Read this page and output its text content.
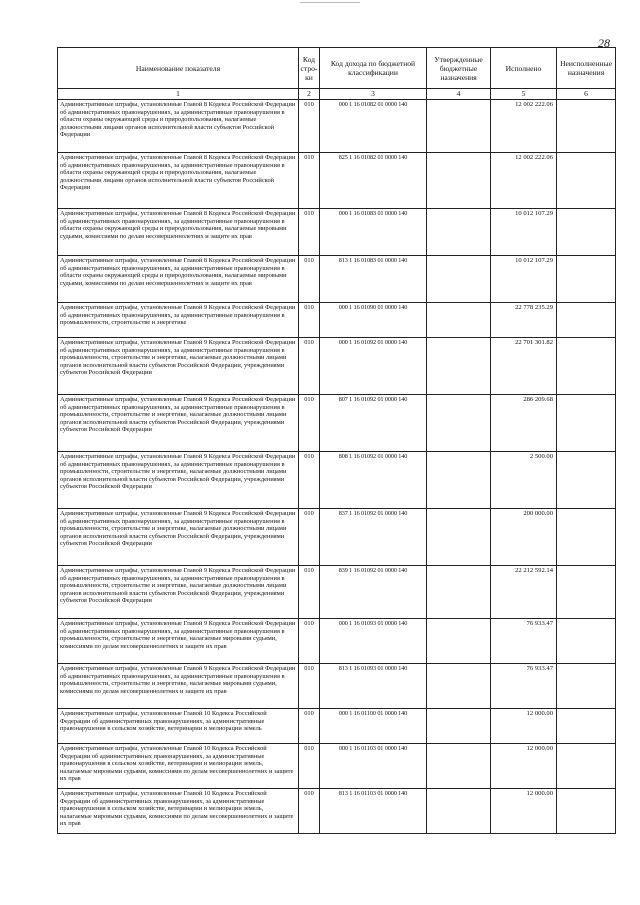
28
Наименование показателя	Код стро-ки	Код дохода по бюджетной классификации	Утвержденные бюджетные назначения	Исполнено	Неисполненные назначения
1	2	3	4	5	6
Административные штрафы, установленные Главой 8 Кодекса Российской Федерации об административных правонарушениях, за административные правонарушения в области охраны окружающей среды и природопользования, налагаемые должностными лицами органов исполнительной власти субъектов Российской Федерации	010	000 1 16 01082 01 0000 140		12 002 222.06	
Административные штрафы, установленные Главой 8 Кодекса Российской Федерации об административных правонарушениях, за административные правонарушения в области охраны окружающей среды и природопользования, налагаемые должностными лицами органов исполнительной власти субъектов Российской Федерации	010	825 1 16 01082 01 0000 140		12 002 222.06	
Административные штрафы, установленные Главой 8 Кодекса Российской Федерации об административных правонарушениях, за административные правонарушения в области охраны окружающей среды и природопользования, налагаемые мировыми судьями, комиссиями по делам несовершеннолетних и защите их прав	010	000 1 16 01083 01 0000 140		10 012 107.29	
Административные штрафы, установленные Главой 8 Кодекса Российской Федерации об административных правонарушениях, за административные правонарушения в области охраны окружающей среды и природопользования, налагаемые мировыми судьями, комиссиями по делам несовершеннолетних и защите их прав	010	813 1 16 01083 01 0000 140		10 012 107.29	
Административные штрафы, установленные Главой 9 Кодекса Российской Федерации об административных правонарушениях, за административные правонарушения в промышленности, строительстве и энергетике	010	000 1 16 01090 01 0000 140		22 778 235.29	
Административные штрафы, установленные Главой 9 Кодекса Российской Федерации об административных правонарушениях, за административные правонарушения в промышленности, строительстве и энергетике, налагаемые должностными лицами органов исполнительной власти субъектов Российской Федерации, учреждениями субъектов Российской Федерации	010	000 1 16 01092 01 0000 140		22 701 301.82	
Административные штрафы, установленные Главой 9 Кодекса Российской Федерации об административных правонарушениях, за административные правонарушения в промышленности, строительстве и энергетике, налагаемые должностными лицами органов исполнительной власти субъектов Российской Федерации, учреждениями субъектов Российской Федерации	010	807 1 16 01092 01 0000 140		286 209.68	
Административные штрафы, установленные Главой 9 Кодекса Российской Федерации об административных правонарушениях, за административные правонарушения в промышленности, строительстве и энергетике, налагаемые должностными лицами органов исполнительной власти субъектов Российской Федерации, учреждениями субъектов Российской Федерации	010	808 1 16 01092 01 0000 140		2 500.00	
Административные штрафы, установленные Главой 9 Кодекса Российской Федерации об административных правонарушениях, за административные правонарушения в промышленности, строительстве и энергетике, налагаемые должностными лицами органов исполнительной власти субъектов Российской Федерации, учреждениями субъектов Российской Федерации	010	837 1 16 01092 01 0000 140		200 000.00	
Административные штрафы, установленные Главой 9 Кодекса Российской Федерации об административных правонарушениях, за административные правонарушения в промышленности, строительстве и энергетике, налагаемые должностными лицами органов исполнительной власти субъектов Российской Федерации, учреждениями субъектов Российской Федерации	010	839 1 16 01092 01 0000 140		22 212 592.14	
Административные штрафы, установленные Главой 9 Кодекса Российской Федерации об административных правонарушениях, за административные правонарушения в промышленности, строительстве и энергетике, налагаемые мировыми судьями, комиссиями по делам несовершеннолетних и защите их прав	010	000 1 16 01093 01 0000 140		76 933.47	
Административные штрафы, установленные Главой 9 Кодекса Российской Федерации об административных правонарушениях, за административные правонарушения в промышленности, строительстве и энергетике, налагаемые мировыми судьями, комиссиями по делам несовершеннолетних и защите их прав	010	813 1 16 01093 01 0000 140		76 933.47	
Административные штрафы, установленные Главой 10 Кодекса Российской Федерации об административных правонарушениях, за административные правонарушения в сельском хозяйстве, ветеринарии и мелиорации земель	010	000 1 16 01100 01 0000 140		12 000.00	
Административные штрафы, установленные Главой 10 Кодекса Российской Федерации об административных правонарушениях, за административные правонарушения в сельском хозяйстве, ветеринарии и мелиорации земель, налагаемые мировыми судьями, комиссиями по делам несовершеннолетних и защите их прав	010	000 1 16 01103 01 0000 140		12 000.00	
Административные штрафы, установленные Главой 10 Кодекса Российской Федерации об административных правонарушениях, за административные правонарушения в сельском хозяйстве, ветеринарии и мелиорации земель, налагаемые мировыми судьями, комиссиями по делам несовершеннолетних и защите их прав	010	813 1 16 01103 01 0000 140		12 000.00	
